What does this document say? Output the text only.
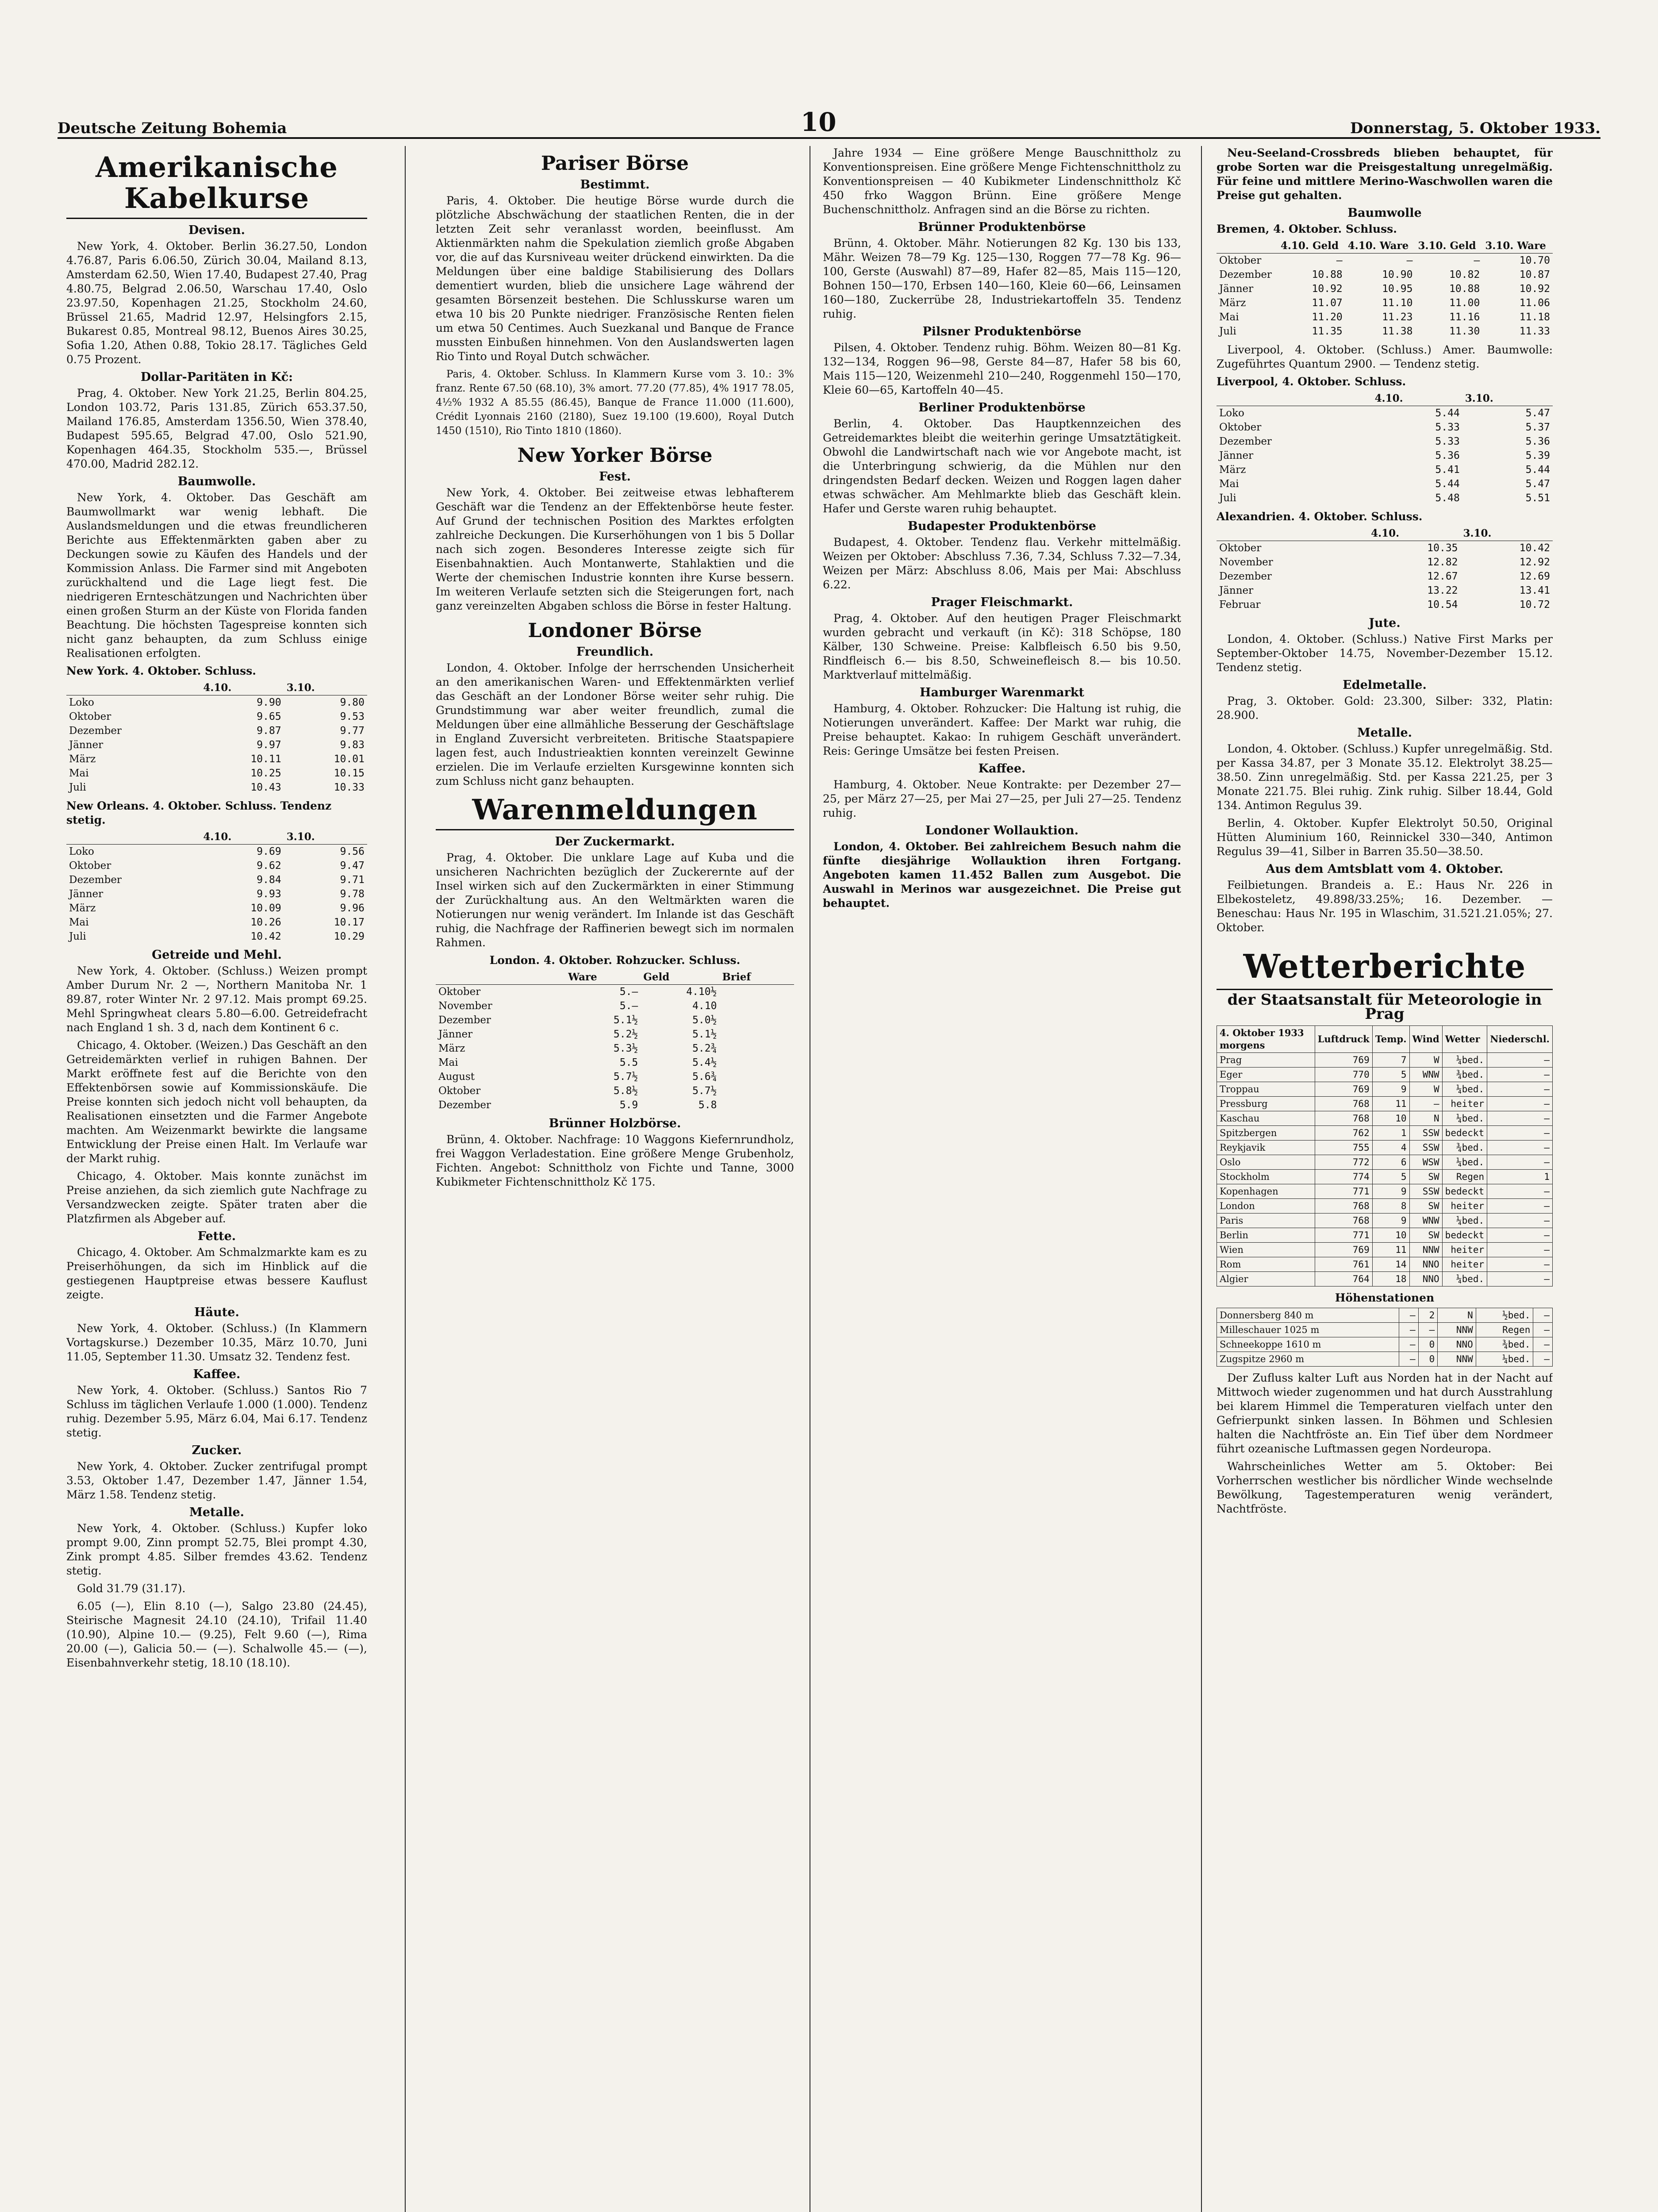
Deutsche Zeitung Bohemia	10	Donnerstag, 5. Oktober 1933.
Amerikanische Kabelkurse
Devisen.

New York, 4. Oktober. Berlin 36.27.50, London 4.76.87, Paris 6.06.50, Zürich 30.04, Mailand 8.13, Amsterdam 62.50, Wien 17.40, Budapest 27.40, Prag 4.80.75, Belgrad 2.06.50, Warschau 17.40, Oslo 23.97.50, Kopenhagen 21.25, Stockholm 24.60, Brüssel 21.65, Madrid 12.97, Helsingfors 2.15, Bukarest 0.85, Montreal 98.12, Buenos Aires 30.25, Sofia 1.20, Athen 0.88, Tokio 28.17. Tägliches Geld 0.75 Prozent.

Dollar-Paritäten in Kč:

Prag, 4. Oktober. New York 21.25, Berlin 804.25, London 103.72, Paris 131.85, Zürich 653.37.50, Mailand 176.85, Amsterdam 1356.50, Wien 378.40, Budapest 595.65, Belgrad 47.00, Oslo 521.90, Kopenhagen 464.35, Stockholm 535.—, Brüssel 470.00, Madrid 282.12.

Baumwolle.

New York, 4. Oktober. Das Geschäft am Baumwollmarkt war wenig lebhaft. Die Auslandsmeldungen und die etwas freundlicheren Berichte aus Effektenmärkten gaben aber zu Deckungen sowie zu Käufen des Handels und der Kommission Anlass. Die Farmer sind mit Angeboten zurückhaltend und die Lage liegt fest. Die niedrigeren Ernteschätzungen und Nachrichten über einen großen Sturm an der Küste von Florida fanden Beachtung. Die höchsten Tagespreise konnten sich nicht ganz behaupten, da zum Schluss einige Realisationen erfolgten.

New York. 4. Oktober. Schluss.
	4.10.	3.10.
Loko	9.90	9.80
Oktober	9.65	9.53
Dezember	9.87	9.77
Jänner	9.97	9.83
März	10.11	10.01
Mai	10.25	10.15
Juli	10.43	10.33
New Orleans. 4. Oktober. Schluss. Tendenz stetig.
	4.10.	3.10.
Loko	9.69	9.56
Oktober	9.62	9.47
Dezember	9.84	9.71
Jänner	9.93	9.78
März	10.09	9.96
Mai	10.26	10.17
Juli	10.42	10.29
Getreide und Mehl.

New York, 4. Oktober. (Schluss.) Weizen prompt Amber Durum Nr. 2 —, Northern Manitoba Nr. 1 89.87, roter Winter Nr. 2 97.12. Mais prompt 69.25. Mehl Springwheat clears 5.80—6.00. Getreidefracht nach England 1 sh. 3 d, nach dem Kontinent 6 c.

Chicago, 4. Oktober. (Weizen.) Das Geschäft an den Getreidemärkten verlief in ruhigen Bahnen. Der Markt eröffnete fest auf die Berichte von den Effektenbörsen sowie auf Kommissionskäufe. Die Preise konnten sich jedoch nicht voll behaupten, da Realisationen einsetzten und die Farmer Angebote machten. Am Weizenmarkt bewirkte die langsame Entwicklung der Preise einen Halt. Im Verlaufe war der Markt ruhig.

Chicago, 4. Oktober. Mais konnte zunächst im Preise anziehen, da sich ziemlich gute Nachfrage zu Versandzwecken zeigte. Später traten aber die Platzfirmen als Abgeber auf.

Fette.

Chicago, 4. Oktober. Am Schmalzmarkte kam es zu Preiserhöhungen, da sich im Hinblick auf die gestiegenen Hauptpreise etwas bessere Kauflust zeigte.

Häute.

New York, 4. Oktober. (Schluss.) (In Klammern Vortagskurse.) Dezember 10.35, März 10.70, Juni 11.05, September 11.30. Umsatz 32. Tendenz fest.

Kaffee.

New York, 4. Oktober. (Schluss.) Santos Rio 7 Schluss im täglichen Verlaufe 1.000 (1.000). Tendenz ruhig. Dezember 5.95, März 6.04, Mai 6.17. Tendenz stetig.

Zucker.

New York, 4. Oktober. Zucker zentrifugal prompt 3.53, Oktober 1.47, Dezember 1.47, Jänner 1.54, März 1.58. Tendenz stetig.

Metalle.

New York, 4. Oktober. (Schluss.) Kupfer loko prompt 9.00, Zinn prompt 52.75, Blei prompt 4.30, Zink prompt 4.85. Silber fremdes 43.62. Tendenz stetig.

Gold 31.79 (31.17).

6.05 (—), Elin 8.10 (—), Salgo 23.80 (24.45), Steirische Magnesit 24.10 (24.10), Trifail 11.40 (10.90), Alpine 10.— (9.25), Felt 9.60 (—), Rima 20.00 (—), Galicia 50.— (—). Schalwolle 45.— (—), Eisenbahnverkehr stetig, 18.10 (18.10).

Pariser Börse
Bestimmt.

Paris, 4. Oktober. Die heutige Börse wurde durch die plötzliche Abschwächung der staatlichen Renten, die in der letzten Zeit sehr veranlasst worden, beeinflusst. Am Aktienmärkten nahm die Spekulation ziemlich große Abgaben vor, die auf das Kursniveau weiter drückend einwirkten. Da die Meldungen über eine baldige Stabilisierung des Dollars dementiert wurden, blieb die unsichere Lage während der gesamten Börsenzeit bestehen. Die Schlusskurse waren um etwa 10 bis 20 Punkte niedriger. Französische Renten fielen um etwa 50 Centimes. Auch Suezkanal und Banque de France mussten Einbußen hinnehmen. Von den Auslandswerten lagen Rio Tinto und Royal Dutch schwächer.

Paris, 4. Oktober. Schluss. In Klammern Kurse vom 3. 10.: 3% franz. Rente 67.50 (68.10), 3% amort. 77.20 (77.85), 4% 1917 78.05, 4½% 1932 A 85.55 (86.45), Banque de France 11.000 (11.600), Crédit Lyonnais 2160 (2180), Suez 19.100 (19.600), Royal Dutch 1450 (1510), Rio Tinto 1810 (1860).

New Yorker Börse
Fest.

New York, 4. Oktober. Bei zeitweise etwas lebhafterem Geschäft war die Tendenz an der Effektenbörse heute fester. Auf Grund der technischen Position des Marktes erfolgten zahlreiche Deckungen. Die Kurserhöhungen von 1 bis 5 Dollar nach sich zogen. Besonderes Interesse zeigte sich für Eisenbahnaktien. Auch Montanwerte, Stahlaktien und die Werte der chemischen Industrie konnten ihre Kurse bessern. Im weiteren Verlaufe setzten sich die Steigerungen fort, nach ganz vereinzelten Abgaben schloss die Börse in fester Haltung.

Londoner Börse
Freundlich.

London, 4. Oktober. Infolge der herrschenden Unsicherheit an den amerikanischen Waren- und Effektenmärkten verlief das Geschäft an der Londoner Börse weiter sehr ruhig. Die Grundstimmung war aber weiter freundlich, zumal die Meldungen über eine allmähliche Besserung der Geschäftslage in England Zuversicht verbreiteten. Britische Staatspapiere lagen fest, auch Industrieaktien konnten vereinzelt Gewinne erzielen. Die im Verlaufe erzielten Kursgewinne konnten sich zum Schluss nicht ganz behaupten.

Warenmeldungen
Der Zuckermarkt.

Prag, 4. Oktober. Die unklare Lage auf Kuba und die unsicheren Nachrichten bezüglich der Zuckerernte auf der Insel wirken sich auf den Zuckermärkten in einer Stimmung der Zurückhaltung aus. An den Weltmärkten waren die Notierungen nur wenig verändert. Im Inlande ist das Geschäft ruhig, die Nachfrage der Raffinerien bewegt sich im normalen Rahmen.

London. 4. Oktober. Rohzucker. Schluss.
	Ware	Geld	Brief
Oktober	5.—	4.10½	
November	5.—	4.10	
Dezember	5.1½	5.0½	
Jänner	5.2½	5.1½	
März	5.3½	5.2¾	
Mai	5.5	5.4½	
August	5.7½	5.6¾	
Oktober	5.8½	5.7½	
Dezember	5.9	5.8	
Brünner Holzbörse.

Brünn, 4. Oktober. Nachfrage: 10 Waggons Kiefernrundholz, frei Waggon Verladestation. Eine größere Menge Grubenholz, Fichten. Angebot: Schnittholz von Fichte und Tanne, 3000 Kubikmeter Fichtenschnittholz Kč 175.

Jahre 1934 — Eine größere Menge Bauschnittholz zu Konventionspreisen. Eine größere Menge Fichtenschnittholz zu Konventionspreisen — 40 Kubikmeter Lindenschnittholz Kč 450 frko Waggon Brünn. Eine größere Menge Buchenschnittholz. Anfragen sind an die Börse zu richten.

Brünner Produktenbörse

Brünn, 4. Oktober. Mähr. Notierungen 82 Kg. 130 bis 133, Mähr. Weizen 78—79 Kg. 125—130, Roggen 77—78 Kg. 96—100, Gerste (Auswahl) 87—89, Hafer 82—85, Mais 115—120, Bohnen 150—170, Erbsen 140—160, Kleie 60—66, Leinsamen 160—180, Zuckerrübe 28, Industriekartoffeln 35. Tendenz ruhig.

Pilsner Produktenbörse

Pilsen, 4. Oktober. Tendenz ruhig. Böhm. Weizen 80—81 Kg. 132—134, Roggen 96—98, Gerste 84—87, Hafer 58 bis 60, Mais 115—120, Weizenmehl 210—240, Roggenmehl 150—170, Kleie 60—65, Kartoffeln 40—45.

Berliner Produktenbörse

Berlin, 4. Oktober. Das Hauptkennzeichen des Getreidemarktes bleibt die weiterhin geringe Umsatztätigkeit. Obwohl die Landwirtschaft nach wie vor Angebote macht, ist die Unterbringung schwierig, da die Mühlen nur den dringendsten Bedarf decken. Weizen und Roggen lagen daher etwas schwächer. Am Mehlmarkte blieb das Geschäft klein. Hafer und Gerste waren ruhig behauptet.

Budapester Produktenbörse

Budapest, 4. Oktober. Tendenz flau. Verkehr mittelmäßig. Weizen per Oktober: Abschluss 7.36, 7.34, Schluss 7.32—7.34, Weizen per März: Abschluss 8.06, Mais per Mai: Abschluss 6.22.

Prager Fleischmarkt.

Prag, 4. Oktober. Auf den heutigen Prager Fleischmarkt wurden gebracht und verkauft (in Kč): 318 Schöpse, 180 Kälber, 130 Schweine. Preise: Kalbfleisch 6.50 bis 9.50, Rindfleisch 6.— bis 8.50, Schweinefleisch 8.— bis 10.50. Marktverlauf mittelmäßig.

Hamburger Warenmarkt

Hamburg, 4. Oktober. Rohzucker: Die Haltung ist ruhig, die Notierungen unverändert. Kaffee: Der Markt war ruhig, die Preise behauptet. Kakao: In ruhigem Geschäft unverändert. Reis: Geringe Umsätze bei festen Preisen.

Kaffee.

Hamburg, 4. Oktober. Neue Kontrakte: per Dezember 27—25, per März 27—25, per Mai 27—25, per Juli 27—25. Tendenz ruhig.

Londoner Wollauktion.

London, 4. Oktober. Bei zahlreichem Besuch nahm die fünfte diesjährige Wollauktion ihren Fortgang. Angeboten kamen 11.452 Ballen zum Ausgebot. Die Auswahl in Merinos war ausgezeichnet. Die Preise gut behauptet.

Neu-Seeland-Crossbreds blieben behauptet, für grobe Sorten war die Preisgestaltung unregelmäßig. Für feine und mittlere Merino-Waschwollen waren die Preise gut gehalten.

Baumwolle
Bremen, 4. Oktober. Schluss.
	4.10. Geld	4.10. Ware	3.10. Geld	3.10. Ware
Oktober	—	—	—	10.70
Dezember	10.88	10.90	10.82	10.87
Jänner	10.92	10.95	10.88	10.92
März	11.07	11.10	11.00	11.06
Mai	11.20	11.23	11.16	11.18
Juli	11.35	11.38	11.30	11.33

Liverpool, 4. Oktober. (Schluss.) Amer. Baumwolle: Zugeführtes Quantum 2900. — Tendenz stetig.

Liverpool, 4. Oktober. Schluss.
	4.10.	3.10.
Loko	5.44	5.47
Oktober	5.33	5.37
Dezember	5.33	5.36
Jänner	5.36	5.39
März	5.41	5.44
Mai	5.44	5.47
Juli	5.48	5.51
Alexandrien. 4. Oktober. Schluss.
	4.10.	3.10.
Oktober	10.35	10.42
November	12.82	12.92
Dezember	12.67	12.69
Jänner	13.22	13.41
Februar	10.54	10.72
Jute.

London, 4. Oktober. (Schluss.) Native First Marks per September-Oktober 14.75, November-Dezember 15.12. Tendenz stetig.

Edelmetalle.

Prag, 3. Oktober. Gold: 23.300, Silber: 332, Platin: 28.900.

Metalle.

London, 4. Oktober. (Schluss.) Kupfer unregelmäßig. Std. per Kassa 34.87, per 3 Monate 35.12. Elektrolyt 38.25—38.50. Zinn unregelmäßig. Std. per Kassa 221.25, per 3 Monate 221.75. Blei ruhig. Zink ruhig. Silber 18.44, Gold 134. Antimon Regulus 39.

Berlin, 4. Oktober. Kupfer Elektrolyt 50.50, Original Hütten Aluminium 160, Reinnickel 330—340, Antimon Regulus 39—41, Silber in Barren 35.50—38.50.

Aus dem Amtsblatt vom 4. Oktober.

Feilbietungen. Brandeis a. E.: Haus Nr. 226 in Elbekosteletz, 49.898/33.25%; 16. Dezember. — Beneschau: Haus Nr. 195 in Wlaschim, 31.521.21.05%; 27. Oktober.

Wetterberichte
der Staatsanstalt für Meteorologie in Prag
4. Oktober 1933 morgens	Luftdruck	Temp.	Wind	Wetter	Niederschl.
Prag	769	7	W	¼bed.	—
Eger	770	5	WNW	¾bed.	—
Troppau	769	9	W	¼bed.	—
Pressburg	768	11	—	heiter	—
Kaschau	768	10	N	¼bed.	—
Spitzbergen	762	1	SSW	bedeckt	—
Reykjavik	755	4	SSW	¾bed.	—
Oslo	772	6	WSW	¼bed.	—
Stockholm	774	5	SW	Regen	1
Kopenhagen	771	9	SSW	bedeckt	—
London	768	8	SW	heiter	—
Paris	768	9	WNW	¼bed.	—
Berlin	771	10	SW	bedeckt	—
Wien	769	11	NNW	heiter	—
Rom	761	14	NNO	heiter	—
Algier	764	18	NNO	¼bed.	—
Höhenstationen
Donnersberg 840 m	—	2	N	½bed.	—
Milleschauer 1025 m	—	—	NNW	Regen	—
Schneekoppe 1610 m	—	0	NNO	¾bed.	—
Zugspitze 2960 m	—	0	NNW	¼bed.	—

Der Zufluss kalter Luft aus Norden hat in der Nacht auf Mittwoch wieder zugenommen und hat durch Ausstrahlung bei klarem Himmel die Temperaturen vielfach unter den Gefrierpunkt sinken lassen. In Böhmen und Schlesien halten die Nachtfröste an. Ein Tief über dem Nordmeer führt ozeanische Luftmassen gegen Nordeuropa.

Wahrscheinliches Wetter am 5. Oktober: Bei Vorherrschen westlicher bis nördlicher Winde wechselnde Bewölkung, Tagestemperaturen wenig verändert, Nachtfröste.
